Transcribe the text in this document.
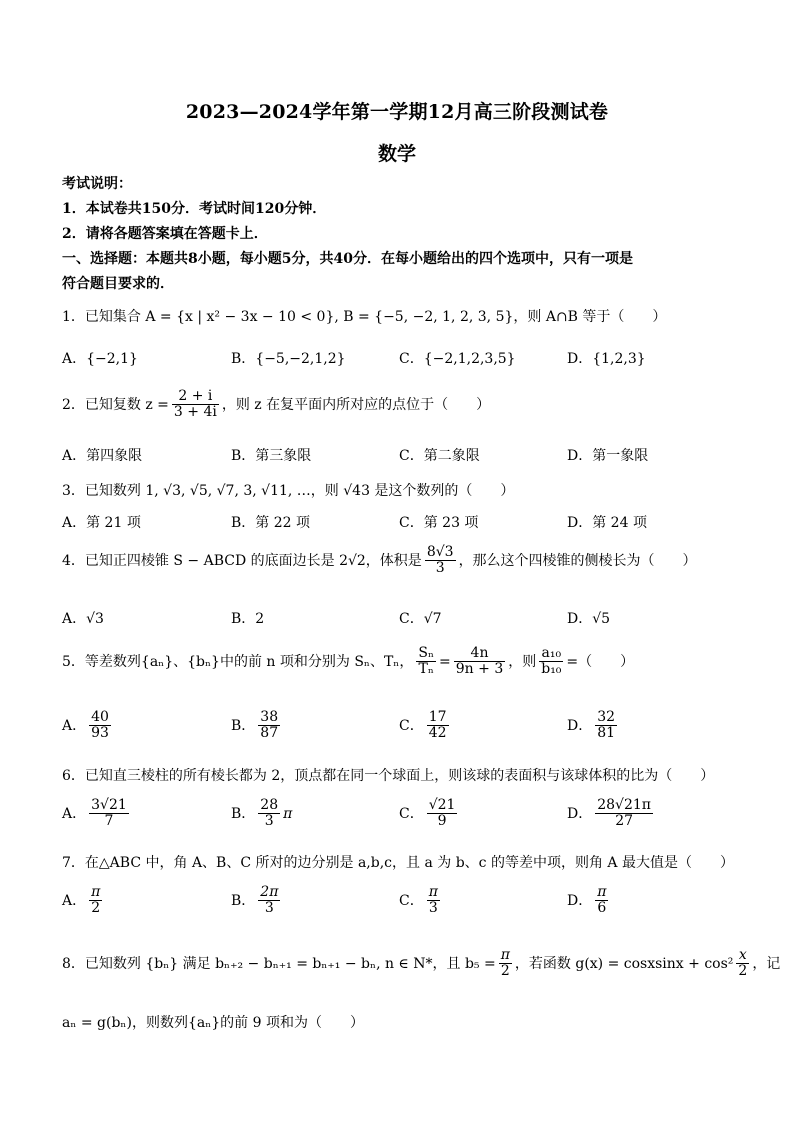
2023—2024学年第一学期12月高三阶段测试卷
数学
考试说明：
1．本试卷共150分．考试时间120分钟．
2．请将各题答案填在答题卡上．
一、选择题：本题共8小题，每小题5分，共40分．在每小题给出的四个选项中，只有一项是
符合题目要求的．
1．已知集合 A = {x | x² − 3x − 10 < 0}, B = {−5, −2, 1, 2, 3, 5}，则 A∩B 等于（　　）
A．{−2,1}	B．{−5,−2,1,2}	C．{−2,1,2,3,5}	D．{1,2,3}
2．已知复数 $z = \frac{2 + i}{3 + 4i}$ ，则 z 在复平面内所对应的点位于（　　）
A．第四象限	B．第三象限	C．第二象限	D．第一象限
3．已知数列 1, √3, √5, √7, 3, √11, …，则 √43 是这个数列的（　　）
A．第 21 项	B．第 22 项	C．第 23 项	D．第 24 项
4．已知正四棱锥 S − ABCD 的底面边长是 2√2，体积是 $\frac{8√3}{3}$ ，那么这个四棱锥的侧棱长为（　　）
A．√3	B．2	C．√7	D．√5
5．等差数列{aₙ}、{bₙ}中的前 n 项和分别为 Sₙ、Tₙ， $\frac{\text{Sₙ}}{\text{Tₙ}} = \frac{4n}{9n + 3}$ ，则 $\frac{\text{a₁₀}}{\text{b₁₀}}$ =（　　）
A． $\frac{40}{93}$	B． $\frac{38}{87}$	C． $\frac{17}{42}$	D． $\frac{32}{81}$
6．已知直三棱柱的所有棱长都为 2，顶点都在同一个球面上，则该球的表面积与该球体积的比为（　　）
A． $\frac{3√21}{7}$	B． $\frac{28}{3}$ π	C． $\frac{√21}{9}$	D． $\frac{28√21\pi}{27}$
7．在△ABC 中，角 A、B、C 所对的边分别是 a,b,c，且 a 为 b、c 的等差中项，则角 A 最大值是（　　）
A． $\frac{\pi}{2}$	B． $\frac{2\pi}{3}$	C． $\frac{\pi}{3}$	D． $\frac{\pi}{6}$
8．已知数列 {bₙ} 满足 bₙ₊₂ − bₙ₊₁ = bₙ₊₁ − bₙ, n ∈ N*，且 $b_5 = \frac{\pi}{2}$ ，若函数 g(x) = cosxsinx + $\cos^2 \frac{x}{2}$ ，记
aₙ = g(bₙ)，则数列{aₙ}的前 9 项和为（　　）
